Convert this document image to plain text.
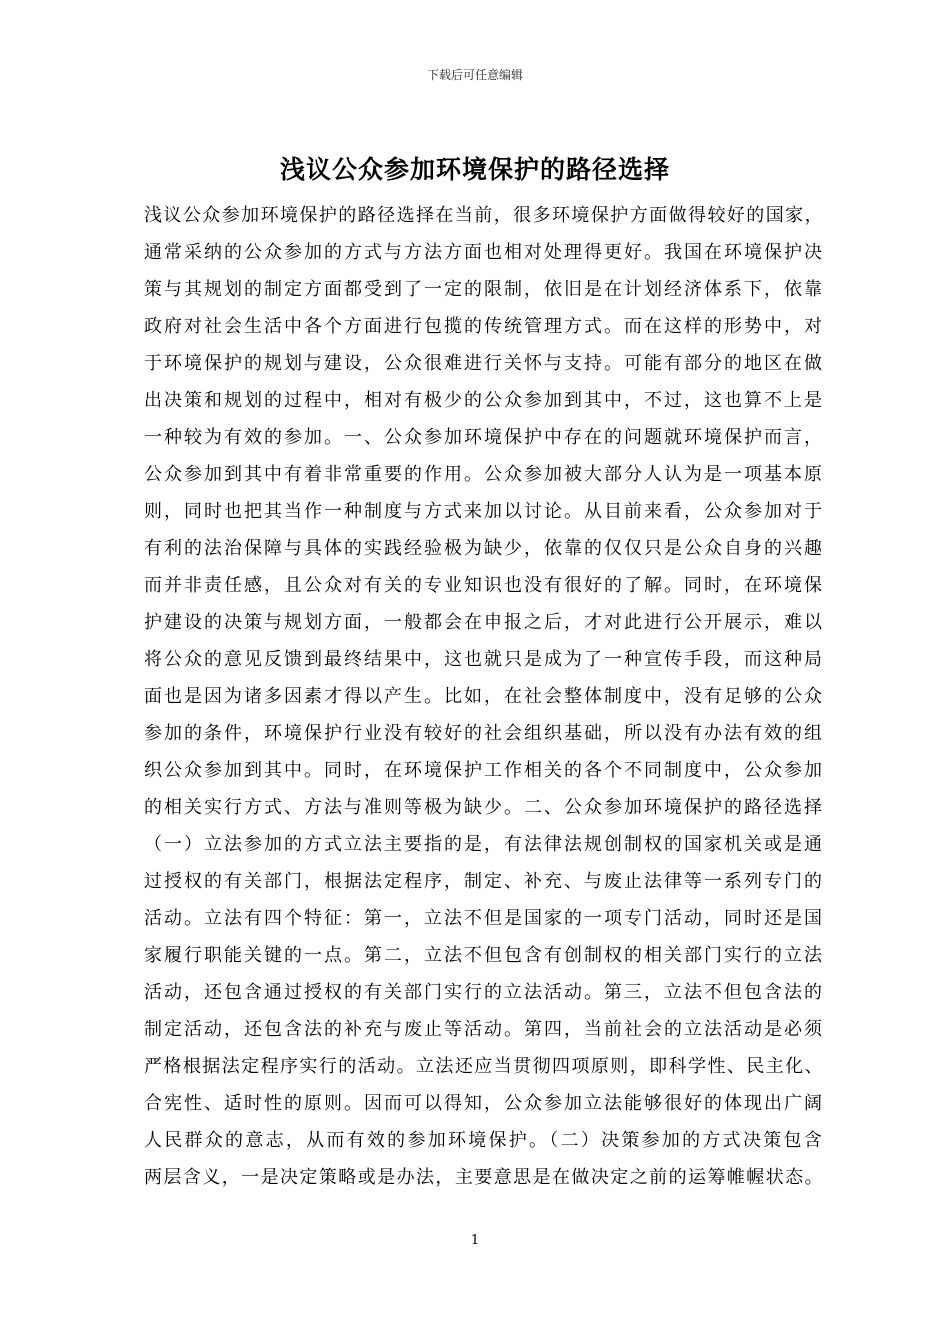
下载后可任意编辑
浅议公众参加环境保护的路径选择
浅议公众参加环境保护的路径选择在当前，很多环境保护方面做得较好的国家，
通常采纳的公众参加的方式与方法方面也相对处理得更好。我国在环境保护决
策与其规划的制定方面都受到了一定的限制，依旧是在计划经济体系下，依靠
政府对社会生活中各个方面进行包揽的传统管理方式。而在这样的形势中，对
于环境保护的规划与建设，公众很难进行关怀与支持。可能有部分的地区在做
出决策和规划的过程中，相对有极少的公众参加到其中，不过，这也算不上是
一种较为有效的参加。一、公众参加环境保护中存在的问题就环境保护而言，
公众参加到其中有着非常重要的作用。公众参加被大部分人认为是一项基本原
则，同时也把其当作一种制度与方式来加以讨论。从目前来看，公众参加对于
有利的法治保障与具体的实践经验极为缺少，依靠的仅仅只是公众自身的兴趣
而并非责任感，且公众对有关的专业知识也没有很好的了解。同时，在环境保
护建设的决策与规划方面，一般都会在申报之后，才对此进行公开展示，难以
将公众的意见反馈到最终结果中，这也就只是成为了一种宣传手段，而这种局
面也是因为诸多因素才得以产生。比如，在社会整体制度中，没有足够的公众
参加的条件，环境保护行业没有较好的社会组织基础，所以没有办法有效的组
织公众参加到其中。同时，在环境保护工作相关的各个不同制度中，公众参加
的相关实行方式、方法与准则等极为缺少。二、公众参加环境保护的路径选择
（一）立法参加的方式立法主要指的是，有法律法规创制权的国家机关或是通
过授权的有关部门，根据法定程序，制定、补充、与废止法律等一系列专门的
活动。立法有四个特征：第一，立法不但是国家的一项专门活动，同时还是国
家履行职能关键的一点。第二，立法不但包含有创制权的相关部门实行的立法
活动，还包含通过授权的有关部门实行的立法活动。第三，立法不但包含法的
制定活动，还包含法的补充与废止等活动。第四，当前社会的立法活动是必须
严格根据法定程序实行的活动。立法还应当贯彻四项原则，即科学性、民主化、
合宪性、适时性的原则。因而可以得知，公众参加立法能够很好的体现出广阔
人民群众的意志，从而有效的参加环境保护。（二）决策参加的方式决策包含
两层含义，一是决定策略或是办法，主要意思是在做决定之前的运筹帷幄状态。
1
